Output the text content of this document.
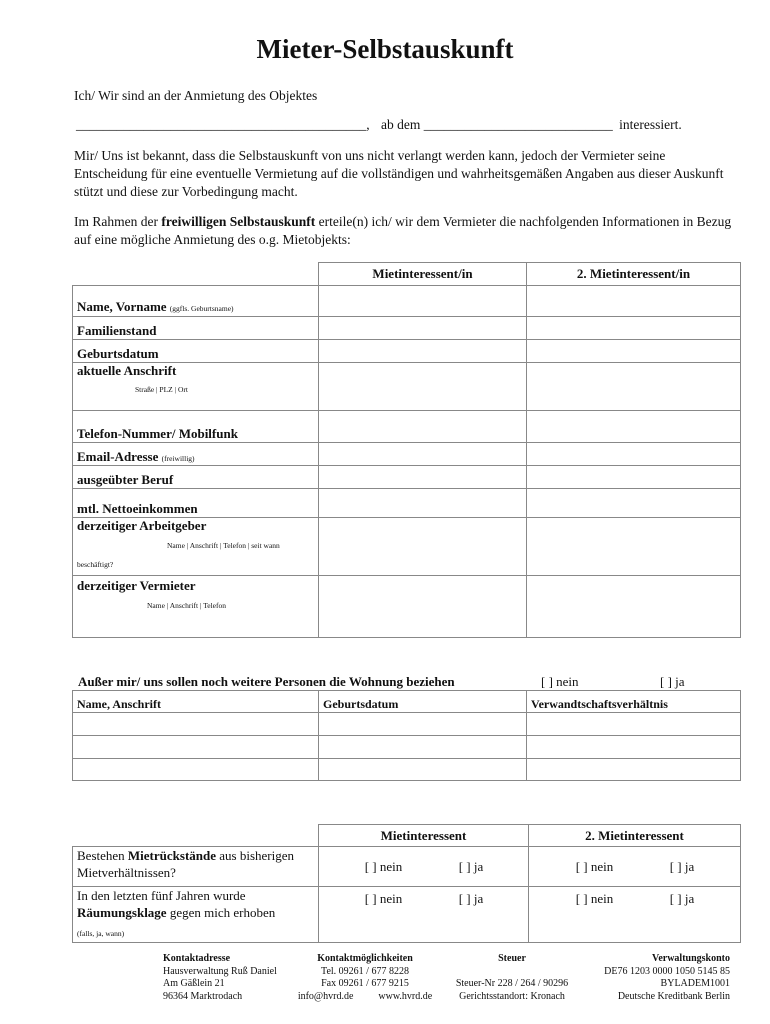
Mieter-Selbstauskunft
Ich/ Wir sind an der Anmietung des Objektes
___________________________________________, ab dem ____________________________ interessiert.
Mir/ Uns ist bekannt, dass die Selbstauskunft von uns nicht verlangt werden kann, jedoch der Vermieter seine Entscheidung für eine eventuelle Vermietung auf die vollständigen und wahrheitsgemäßen Angaben aus dieser Auskunft stützt und diese zur Vorbedingung macht.
Im Rahmen der freiwilligen Selbstauskunft erteile(n) ich/ wir dem Vermieter die nachfolgenden Informationen in Bezug auf eine mögliche Anmietung des o.g. Mietobjekts:
	Mietinteressent/in	2. Mietinteressent/in
Name, Vorname (ggfls. Geburtsname)		
Familienstand		
Geburtsdatum		

aktuelle Anschrift
Straße | PLZ | Ort		

Telefon-Nummer/ Mobilfunk		
Email-Adresse (freiwillig)		
ausgeübter Beruf		
mtl. Nettoeinkommen		

derzeitiger Arbeitgeber
Name | Anschrift | Telefon | seit wann
beschäftigt?		

derzeitiger Vermieter
Name | Anschrift | Telefon		

Außer mir/ uns sollen noch weitere Personen die Wohnung beziehen	[ ] nein	[ ] ja
Name, Anschrift	Geburtsdatum	Verwandtschaftsverhältnis

	Mietinteressent	2. Mietinteressent
Bestehen Mietrückstände aus bisherigen Mietverhältnissen?	[ ] nein [ ] ja	[ ] nein [ ] ja
In den letzten fünf Jahren wurde Räumungsklage gegen mich erhoben
(falls, ja, wann)	[ ] nein [ ] ja	[ ] nein [ ] ja
Kontaktadresse
Hausverwaltung Ruß Daniel
Am Gäßlein 21
96364 Marktrodach
Kontaktmöglichkeiten
Tel. 09261 / 677 8228
Fax 09261 / 677 9215
info@hvrd.de          www.hvrd.de
Steuer
Steuer-Nr 228 / 264 / 90296
Gerichtsstandort: Kronach
Verwaltungskonto
DE76 1203 0000 1050 5145 85
BYLADEM1001
Deutsche Kreditbank Berlin
